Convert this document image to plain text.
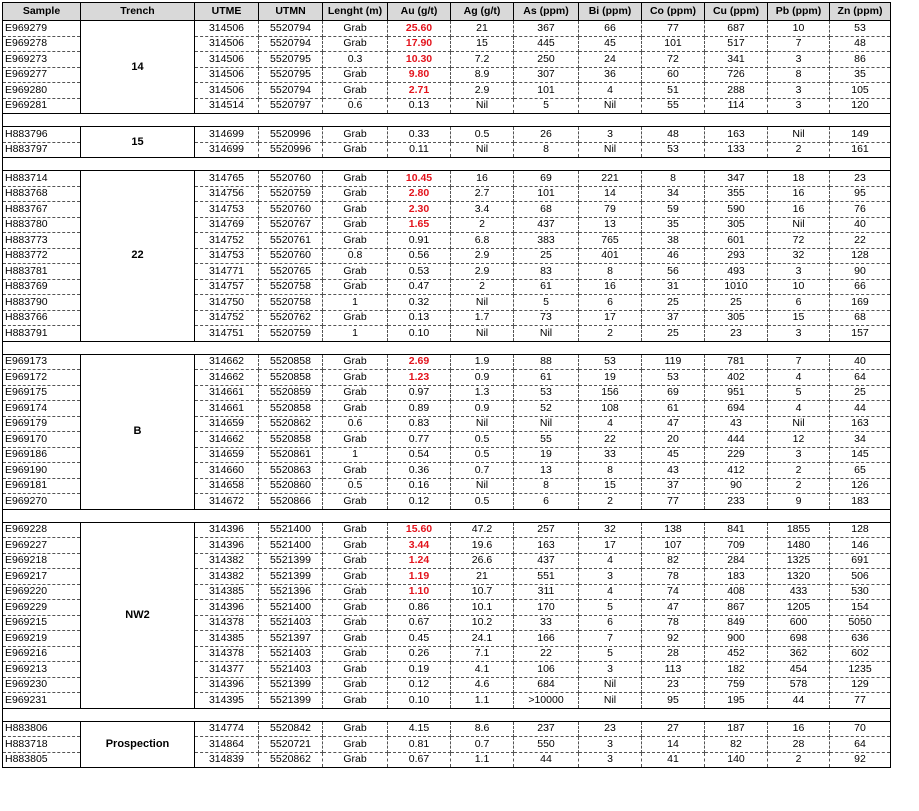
Sample	Trench	UTME	UTMN	Lenght (m)	Au (g/t)	Ag (g/t)	As (ppm)	Bi (ppm)	Co (ppm)	Cu (ppm)	Pb (ppm)	Zn (ppm)
E969279	14	314506	5520794	Grab	25.60	21	367	66	77	687	10	53
E969278		314506	5520794	Grab	17.90	15	445	45	101	517	7	48
E969273		314506	5520795	0.3	10.30	7.2	250	24	72	341	3	86
E969277		314506	5520795	Grab	9.80	8.9	307	36	60	726	8	35
E969280		314506	5520794	Grab	2.71	2.9	101	4	51	288	3	105
E969281		314514	5520797	0.6	0.13	Nil	5	Nil	55	114	3	120

H883796	15	314699	5520996	Grab	0.33	0.5	26	3	48	163	Nil	149
H883797		314699	5520996	Grab	0.11	Nil	8	Nil	53	133	2	161

H883714	22	314765	5520760	Grab	10.45	16	69	221	8	347	18	23
H883768		314756	5520759	Grab	2.80	2.7	101	14	34	355	16	95
H883767		314753	5520760	Grab	2.30	3.4	68	79	59	590	16	76
H883780		314769	5520767	Grab	1.65	2	437	13	35	305	Nil	40
H883773		314752	5520761	Grab	0.91	6.8	383	765	38	601	72	22
H883772		314753	5520760	0.8	0.56	2.9	25	401	46	293	32	128
H883781		314771	5520765	Grab	0.53	2.9	83	8	56	493	3	90
H883769		314757	5520758	Grab	0.47	2	61	16	31	1010	10	66
H883790		314750	5520758	1	0.32	Nil	5	6	25	25	6	169
H883766		314752	5520762	Grab	0.13	1.7	73	17	37	305	15	68
H883791		314751	5520759	1	0.10	Nil	Nil	2	25	23	3	157

E969173	B	314662	5520858	Grab	2.69	1.9	88	53	119	781	7	40
E969172		314662	5520858	Grab	1.23	0.9	61	19	53	402	4	64
E969175		314661	5520859	Grab	0.97	1.3	53	156	69	951	5	25
E969174		314661	5520858	Grab	0.89	0.9	52	108	61	694	4	44
E969179		314659	5520862	0.6	0.83	Nil	Nil	4	47	43	Nil	163
E969170		314662	5520858	Grab	0.77	0.5	55	22	20	444	12	34
E969186		314659	5520861	1	0.54	0.5	19	33	45	229	3	145
E969190		314660	5520863	Grab	0.36	0.7	13	8	43	412	2	65
E969181		314658	5520860	0.5	0.16	Nil	8	15	37	90	2	126
E969270		314672	5520866	Grab	0.12	0.5	6	2	77	233	9	183

E969228	NW2	314396	5521400	Grab	15.60	47.2	257	32	138	841	1855	128
E969227		314396	5521400	Grab	3.44	19.6	163	17	107	709	1480	146
E969218		314382	5521399	Grab	1.24	26.6	437	4	82	284	1325	691
E969217		314382	5521399	Grab	1.19	21	551	3	78	183	1320	506
E969220		314385	5521396	Grab	1.10	10.7	311	4	74	408	433	530
E969229		314396	5521400	Grab	0.86	10.1	170	5	47	867	1205	154
E969215		314378	5521403	Grab	0.67	10.2	33	6	78	849	600	5050
E969219		314385	5521397	Grab	0.45	24.1	166	7	92	900	698	636
E969216		314378	5521403	Grab	0.26	7.1	22	5	28	452	362	602
E969213		314377	5521403	Grab	0.19	4.1	106	3	113	182	454	1235
E969230		314396	5521399	Grab	0.12	4.6	684	Nil	23	759	578	129
E969231		314395	5521399	Grab	0.10	1.1	>10000	Nil	95	195	44	77

H883806	Prospection	314774	5520842	Grab	4.15	8.6	237	23	27	187	16	70
H883718		314864	5520721	Grab	0.81	0.7	550	3	14	82	28	64
H883805		314839	5520862	Grab	0.67	1.1	44	3	41	140	2	92
